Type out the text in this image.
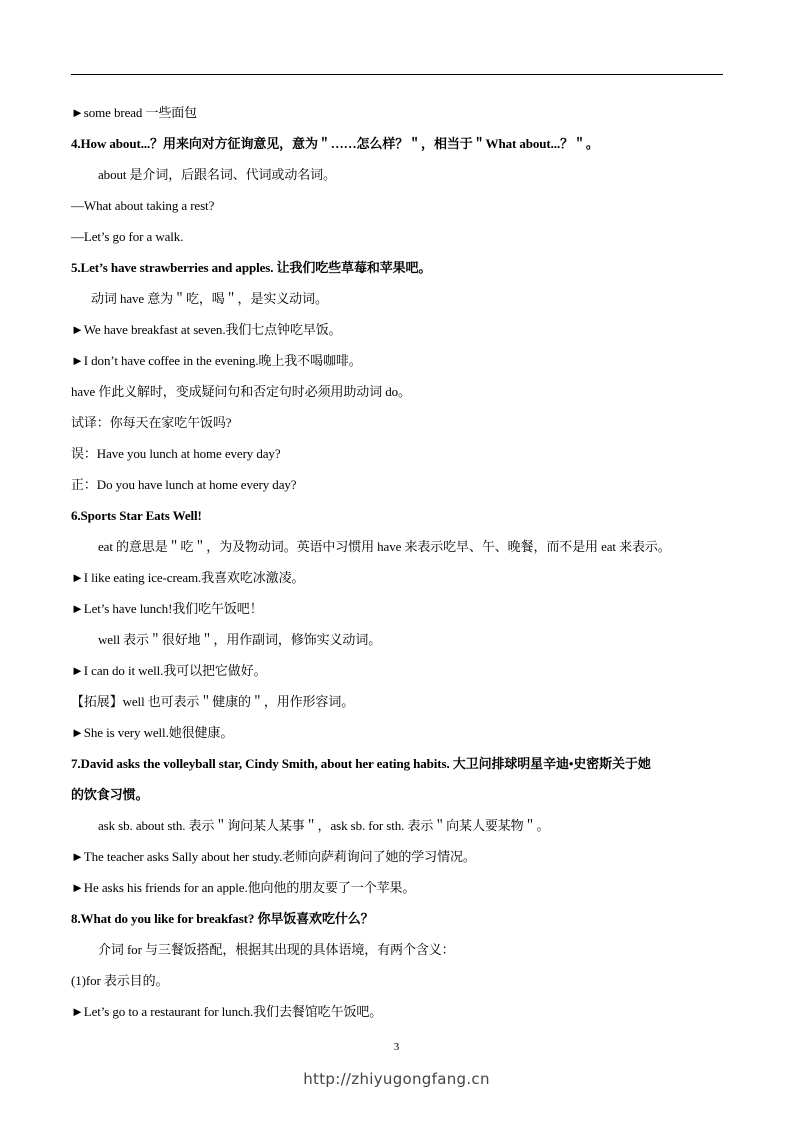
►some bread 一些面包
4.How about...？用来向对方征询意见，意为＂……怎么样？＂，相当于＂What about...？＂。
about 是介词，后跟名词、代词或动名词。
—What about taking a rest?
—Let’s go for a walk.
5.Let’s have strawberries and apples. 让我们吃些草莓和苹果吧。
动词 have 意为＂吃，喝＂，是实义动词。
►We have breakfast at seven.我们七点钟吃早饭。
►I don’t have coffee in the evening.晚上我不喝咖啡。
have 作此义解时，变成疑问句和否定句时必须用助动词 do。
试译：你每天在家吃午饭吗?
误：Have you lunch at home every day?
正：Do you have lunch at home every day?
6.Sports Star Eats Well!
eat 的意思是＂吃＂，为及物动词。英语中习惯用 have 来表示吃早、午、晚餐，而不是用 eat 来表示。
►I like eating ice-cream.我喜欢吃冰激凌。
►Let’s have lunch!我们吃午饭吧！
well 表示＂很好地＂，用作副词，修饰实义动词。
►I can do it well.我可以把它做好。
【拓展】well 也可表示＂健康的＂，用作形容词。
►She is very well.她很健康。
7.David asks the volleyball star, Cindy Smith, about her eating habits. 大卫问排球明星辛迪•史密斯关于她
的饮食习惯。
ask sb. about sth. 表示＂询问某人某事＂，ask sb. for sth. 表示＂向某人要某物＂。
►The teacher asks Sally about her study.老师向萨莉询问了她的学习情况。
►He asks his friends for an apple.他向他的朋友要了一个苹果。
8.What do you like for breakfast? 你早饭喜欢吃什么？
介词 for 与三餐饭搭配，根据其出现的具体语境，有两个含义：
(1)for 表示目的。
►Let’s go to a restaurant for lunch.我们去餐馆吃午饭吧。
3
http://zhiyugongfang.cn
